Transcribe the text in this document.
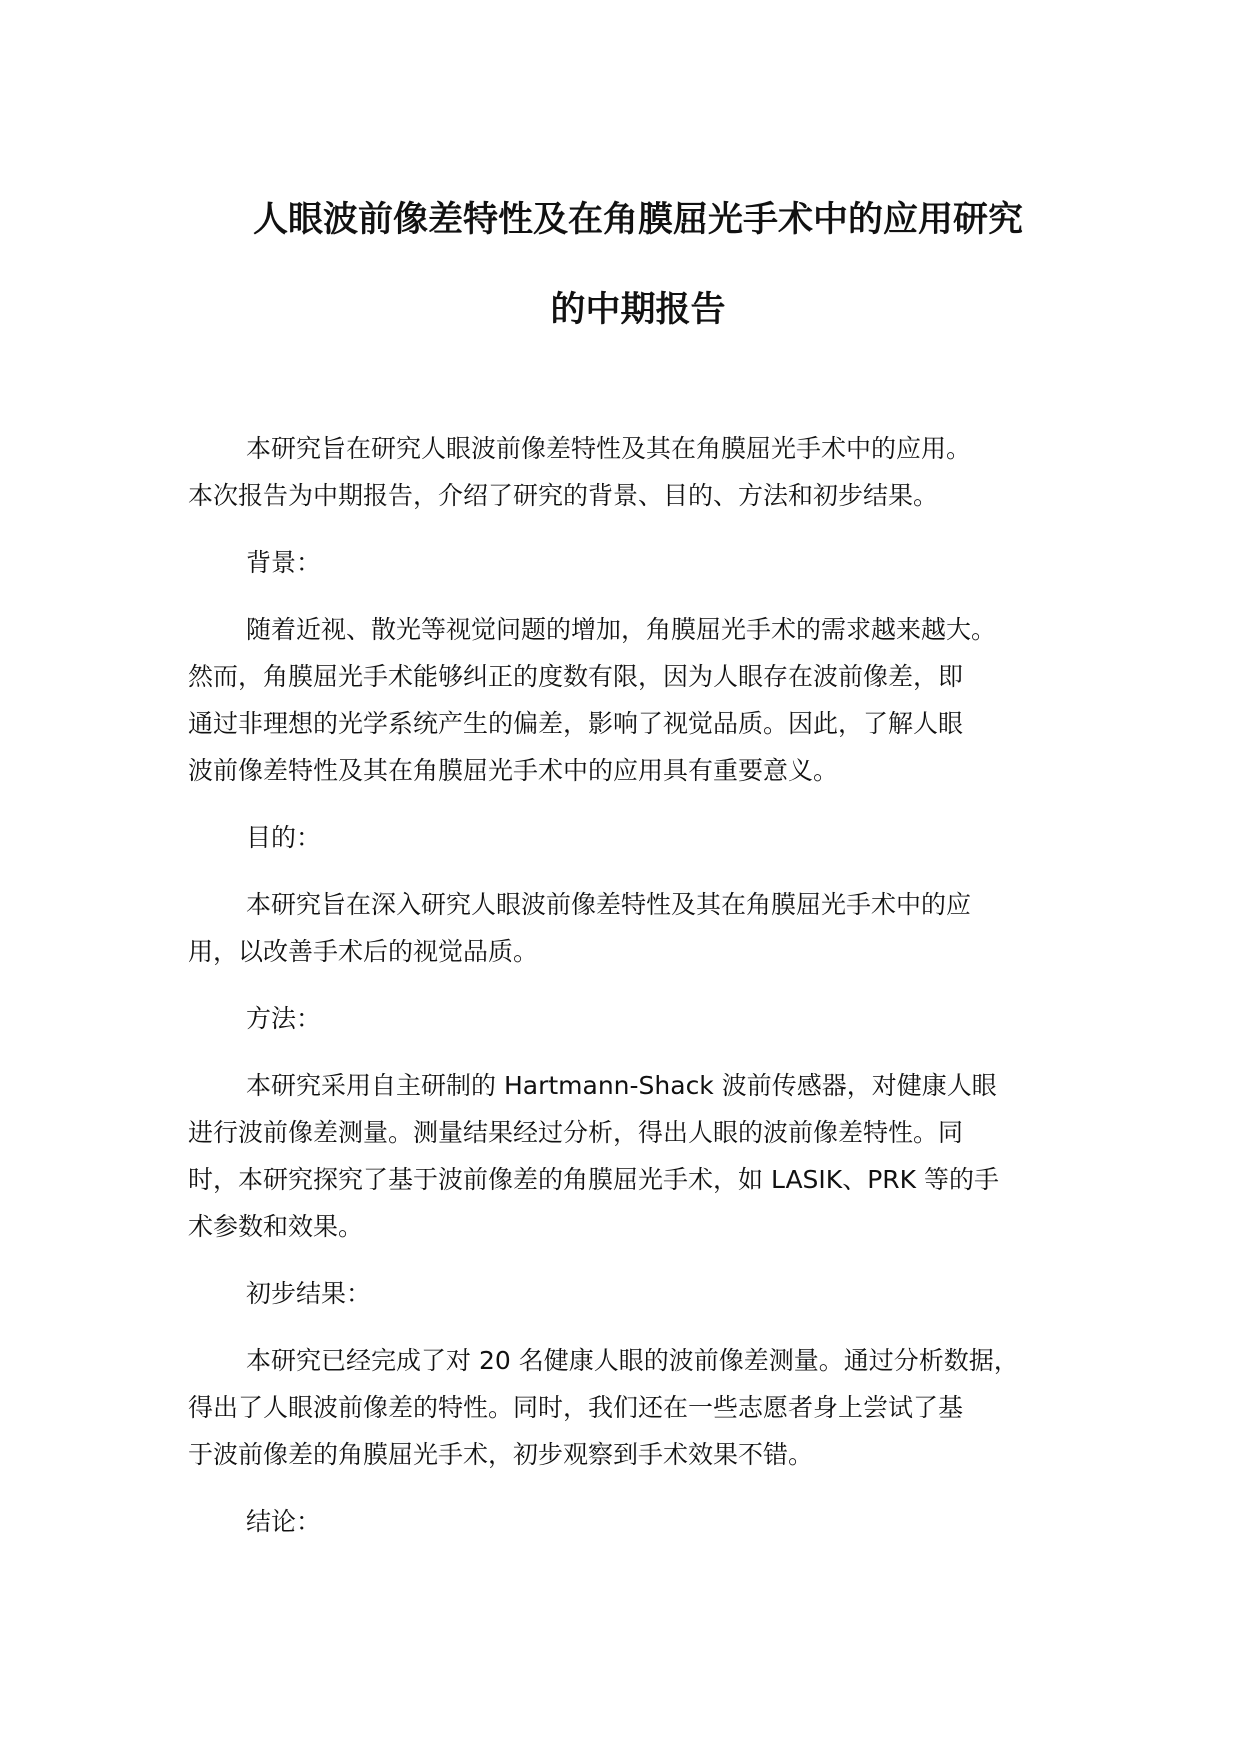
人眼波前像差特性及在角膜屈光手术中的应用研究
的中期报告

本研究旨在研究人眼波前像差特性及其在角膜屈光手术中的应用。
本次报告为中期报告，介绍了研究的背景、目的、方法和初步结果。

背景：

随着近视、散光等视觉问题的增加，角膜屈光手术的需求越来越大。
然而，角膜屈光手术能够纠正的度数有限，因为人眼存在波前像差，即
通过非理想的光学系统产生的偏差，影响了视觉品质。因此，了解人眼
波前像差特性及其在角膜屈光手术中的应用具有重要意义。

目的：

本研究旨在深入研究人眼波前像差特性及其在角膜屈光手术中的应
用，以改善手术后的视觉品质。

方法：

本研究采用自主研制的 Hartmann-Shack 波前传感器，对健康人眼
进行波前像差测量。测量结果经过分析，得出人眼的波前像差特性。同
时，本研究探究了基于波前像差的角膜屈光手术，如 LASIK、PRK 等的手
术参数和效果。

初步结果：

本研究已经完成了对 20 名健康人眼的波前像差测量。通过分析数据，
得出了人眼波前像差的特性。同时，我们还在一些志愿者身上尝试了基
于波前像差的角膜屈光手术，初步观察到手术效果不错。

结论：
